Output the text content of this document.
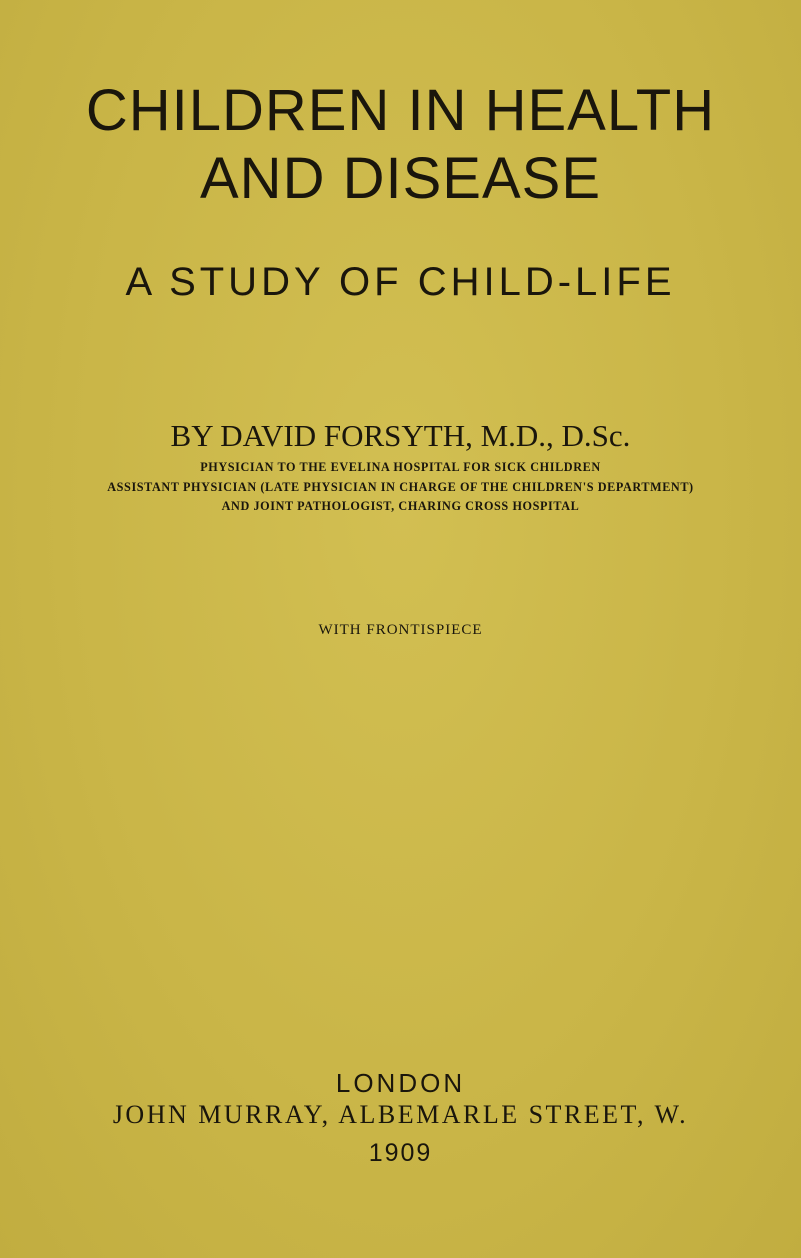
CHILDREN IN HEALTH
AND DISEASE
A STUDY OF CHILD-LIFE
BY DAVID FORSYTH, M.D., D.Sc.
PHYSICIAN TO THE EVELINA HOSPITAL FOR SICK CHILDREN
ASSISTANT PHYSICIAN (LATE PHYSICIAN IN CHARGE OF THE CHILDREN'S DEPARTMENT)
AND JOINT PATHOLOGIST, CHARING CROSS HOSPITAL
WITH FRONTISPIECE
LONDON
JOHN MURRAY, ALBEMARLE STREET, W.
1909
